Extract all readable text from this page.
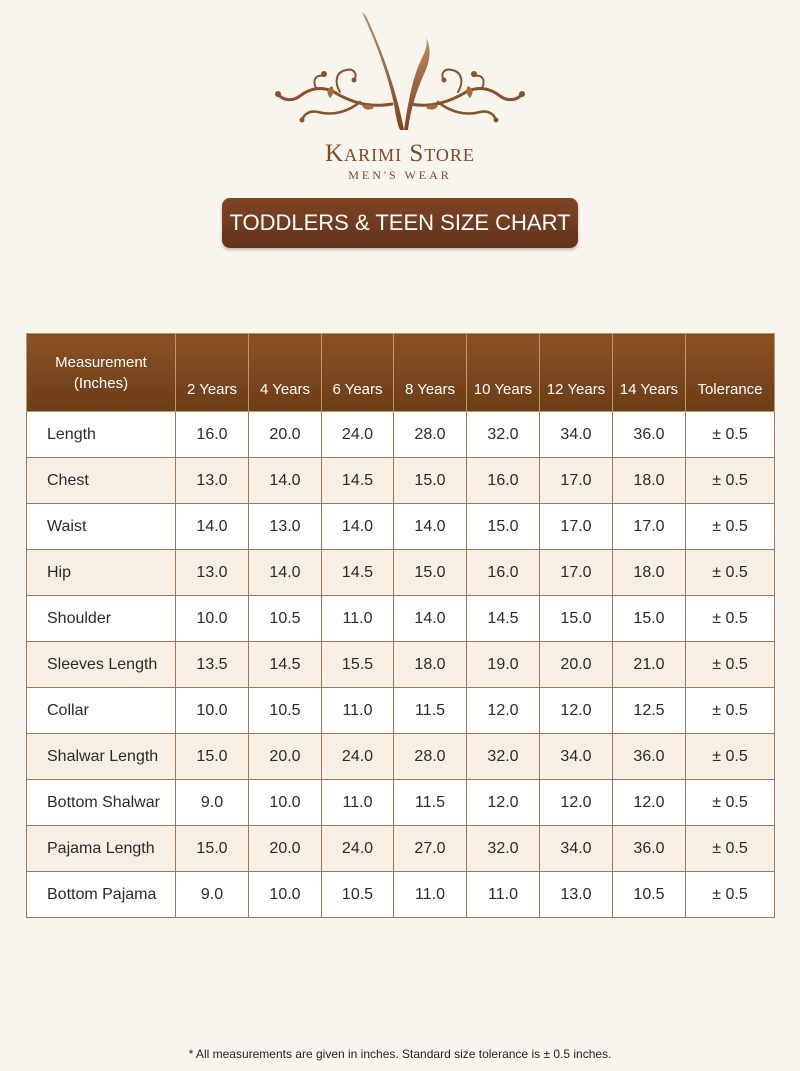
Karimi Store
MEN'S WEAR
TODDLERS & TEEN SIZE CHART
Measurement
(Inches)	2 Years	4 Years	6 Years	8 Years	10 Years	12 Years	14 Years	Tolerance
Length	16.0	20.0	24.0	28.0	32.0	34.0	36.0	± 0.5
Chest	13.0	14.0	14.5	15.0	16.0	17.0	18.0	± 0.5
Waist	14.0	13.0	14.0	14.0	15.0	17.0	17.0	± 0.5
Hip	13.0	14.0	14.5	15.0	16.0	17.0	18.0	± 0.5
Shoulder	10.0	10.5	11.0	14.0	14.5	15.0	15.0	± 0.5
Sleeves Length	13.5	14.5	15.5	18.0	19.0	20.0	21.0	± 0.5
Collar	10.0	10.5	11.0	11.5	12.0	12.0	12.5	± 0.5
Shalwar Length	15.0	20.0	24.0	28.0	32.0	34.0	36.0	± 0.5
Bottom Shalwar	9.0	10.0	11.0	11.5	12.0	12.0	12.0	± 0.5
Pajama Length	15.0	20.0	24.0	27.0	32.0	34.0	36.0	± 0.5
Bottom Pajama	9.0	10.0	10.5	11.0	11.0	13.0	10.5	± 0.5
* All measurements are given in inches. Standard size tolerance is ± 0.5 inches.
